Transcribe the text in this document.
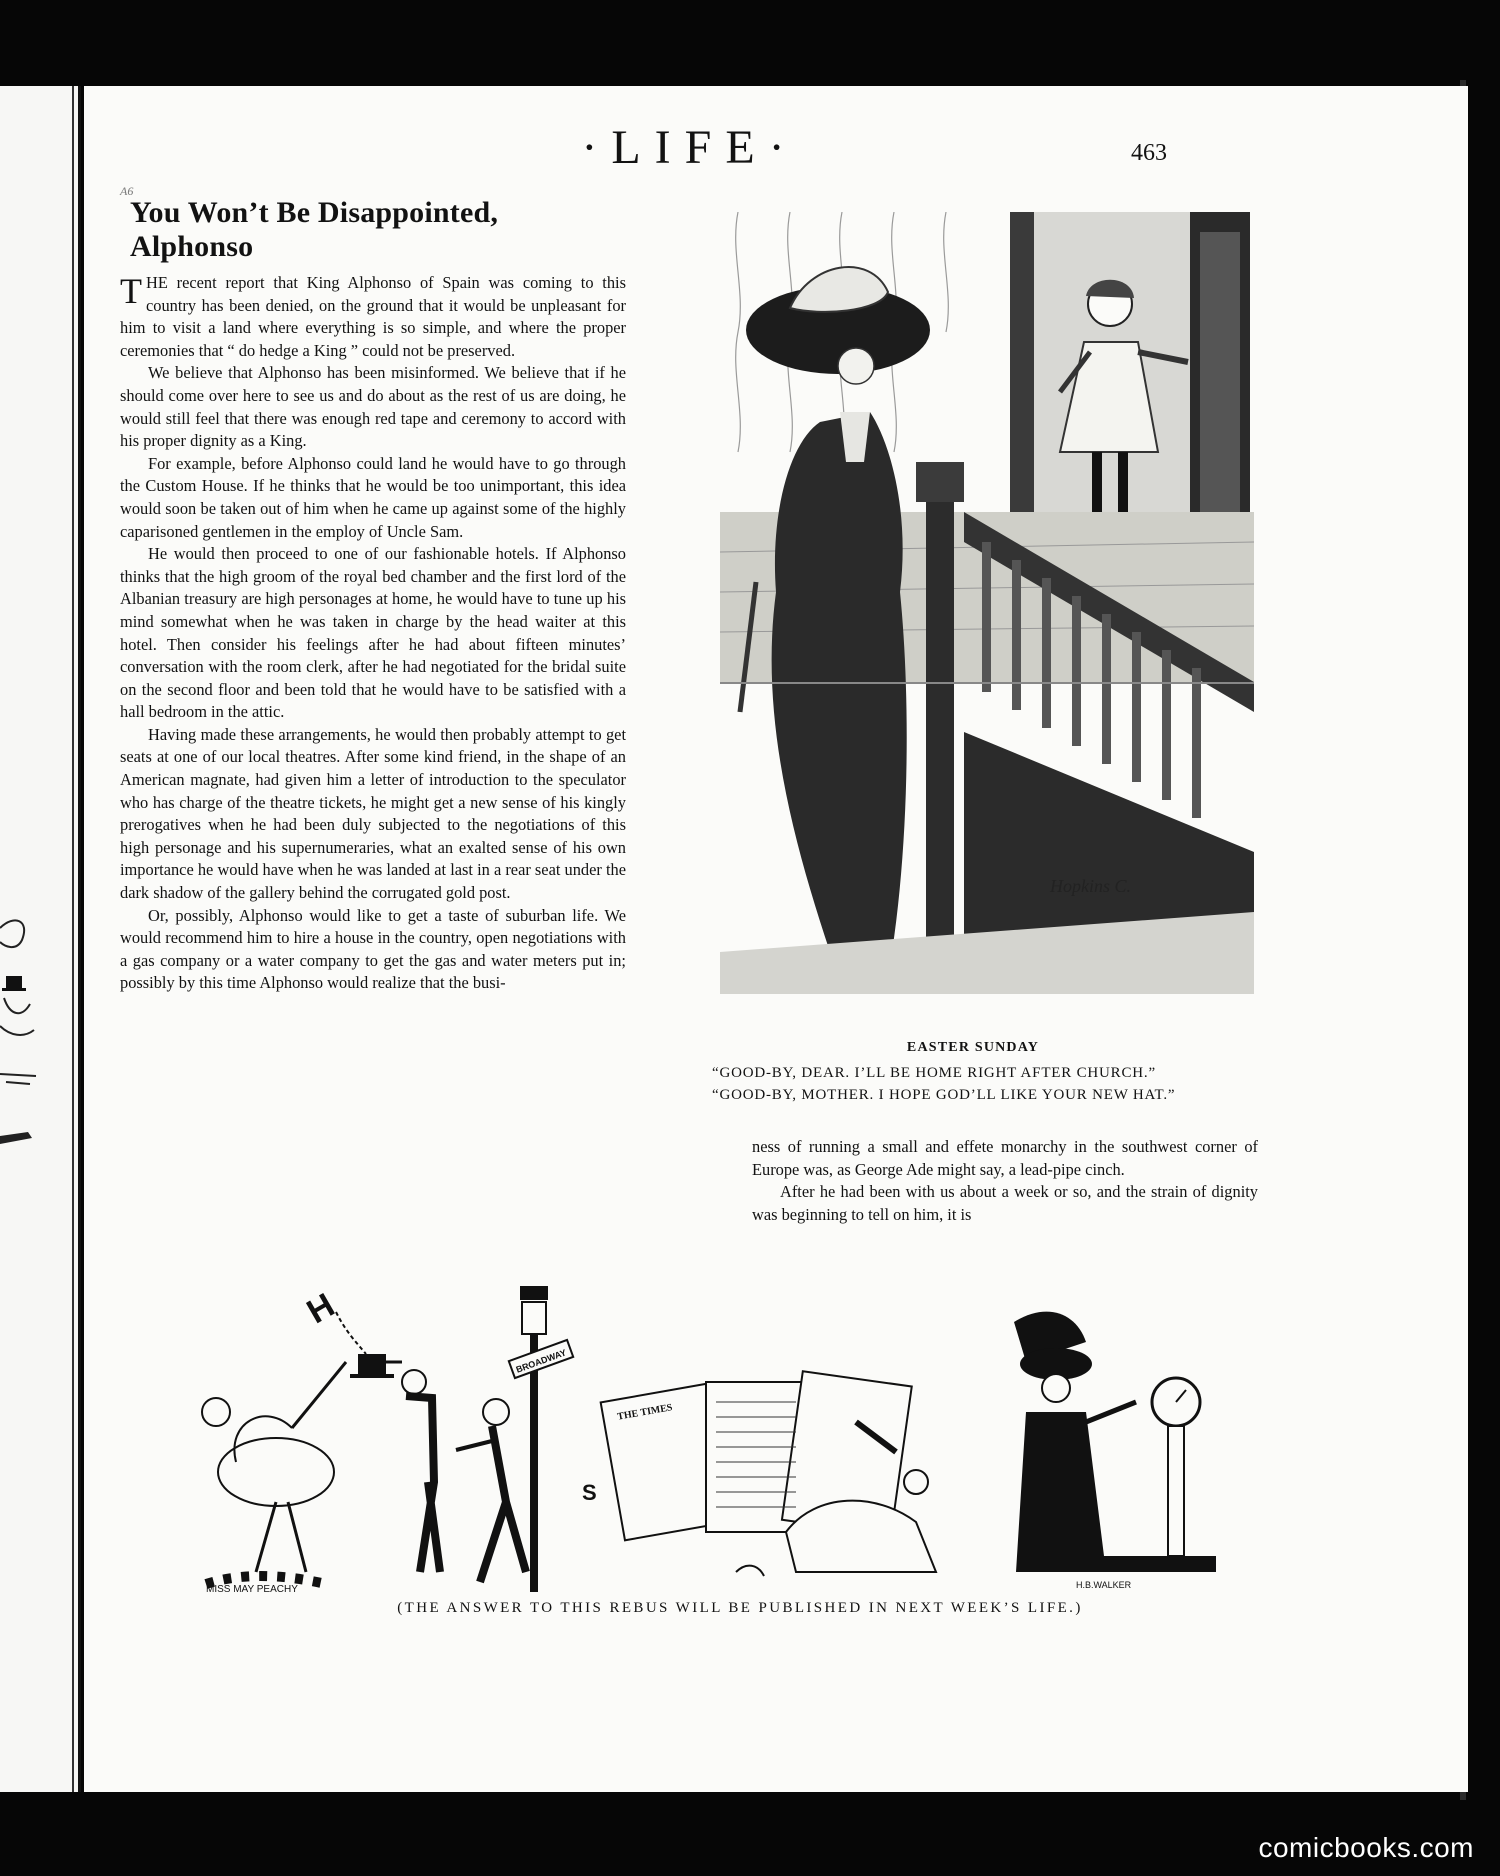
A6
·LIFE·	463
You Won’t Be Disappointed, Alphonso

THE recent report that King Alphonso of Spain was coming to this country has been denied, on the ground that it would be unpleasant for him to visit a land where everything is so simple, and where the proper ceremonies that “ do hedge a King ” could not be preserved.

We believe that Alphonso has been misinformed. We believe that if he should come over here to see us and do about as the rest of us are doing, he would still feel that there was enough red tape and ceremony to accord with his proper dignity as a King.

For example, before Alphonso could land he would have to go through the Custom House. If he thinks that he would be too unimportant, this idea would soon be taken out of him when he came up against some of the highly caparisoned gentlemen in the employ of Uncle Sam.

He would then proceed to one of our fashionable hotels. If Alphonso thinks that the high groom of the royal bed chamber and the first lord of the Albanian treasury are high personages at home, he would have to tune up his mind somewhat when he was taken in charge by the head waiter at this hotel. Then consider his feelings after he had about fifteen minutes’ conversation with the room clerk, after he had negotiated for the bridal suite on the second floor and been told that he would have to be satisfied with a hall bedroom in the attic.

Having made these arrangements, he would then probably attempt to get seats at one of our local theatres. After some kind friend, in the shape of an American magnate, had given him a letter of introduction to the speculator who has charge of the theatre tickets, he might get a new sense of his kingly prerogatives when he had been duly subjected to the negotiations of this high personage and his supernumeraries, what an exalted sense of his own importance he would have when he was landed at last in a rear seat under the dark shadow of the gallery behind the corrugated gold post.

Or, possibly, Alphonso would like to get a taste of suburban life. We would recommend him to hire a house in the country, open negotiations with a gas company or a water company to get the gas and water meters put in; possibly by this time Alphonso would realize that the busi-

Hopkins C.
EASTER SUNDAY
“GOOD-BY, DEAR. I’LL BE HOME RIGHT AFTER CHURCH.”
“GOOD-BY, MOTHER. I HOPE GOD’LL LIKE YOUR NEW HAT.”

ness of running a small and effete monarchy in the southwest corner of Europe was, as George Ade might say, a lead-pipe cinch.

After he had been with us about a week or so, and the strain of dignity was beginning to tell on him, it is

H
MISS MAY PEACHY
BROADWAY
S
THE TIMES
H.B.WALKER
(THE ANSWER TO THIS REBUS WILL BE PUBLISHED IN NEXT WEEK’S LIFE.)
comicbooks.com
